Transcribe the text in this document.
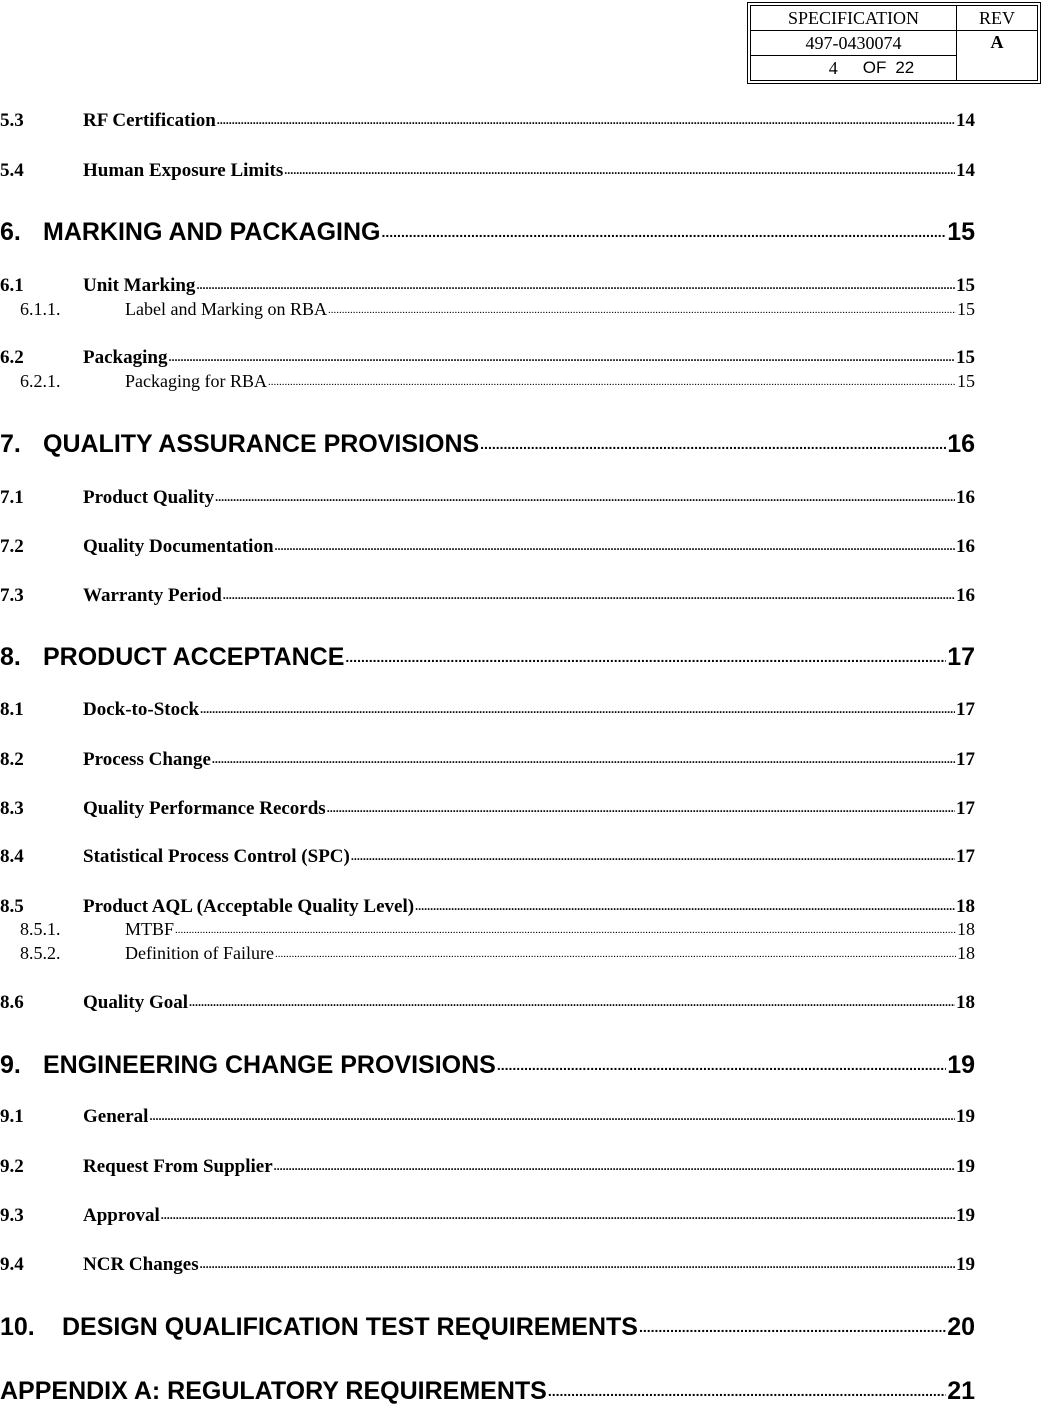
SPECIFICATION	REV
497-0430074	A

4 OF
22	
5.3	RF Certification .....	14
5.4	Human Exposure Limits .....	14
6. MARKING AND PACKAGING .....	15
6.1	Unit Marking .....	15
6.1.1.	Label and Marking on RBA .....	15
6.2	Packaging .....	15
6.2.1.	Packaging for RBA .....	15
7. QUALITY ASSURANCE PROVISIONS .....	16
7.1	Product Quality .....	16
7.2	Quality Documentation .....	16
7.3	Warranty Period .....	16
8. PRODUCT ACCEPTANCE .....	17
8.1	Dock-to-Stock .....	17
8.2	Process Change .....	17
8.3	Quality Performance Records .....	17
8.4	Statistical Process Control (SPC) .....	17
8.5	Product AQL (Acceptable Quality Level) .....	18
8.5.1.	MTBF .....	18
8.5.2.	Definition of Failure .....	18
8.6	Quality Goal .....	18
9. ENGINEERING CHANGE PROVISIONS .....	19
9.1	General .....	19
9.2	Request From Supplier .....	19
9.3	Approval .....	19
9.4	NCR Changes .....	19
10.	DESIGN QUALIFICATION TEST REQUIREMENTS .....	20
APPENDIX A: REGULATORY REQUIREMENTS .....	21
